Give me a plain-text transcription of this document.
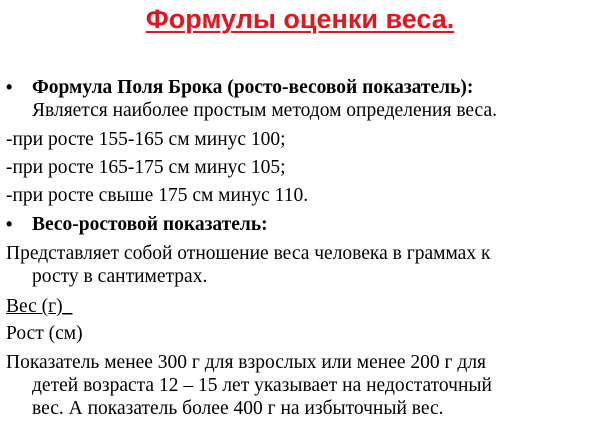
Формулы оценки веса.
• Формула Поля Брока (росто-весовой показатель):
Является наиболее простым методом определения веса.
-при росте 155-165 см минус 100;
-при росте 165-175 см минус 105;
-при росте свыше 175 см минус 110.
• Весо-ростовой показатель:
Представляет собой отношение веса человека в граммах к
росту в сантиметрах.
Вес (г)_
Рост (см)
Показатель менее 300 г для взрослых или менее 200 г для
детей возраста 12 – 15 лет указывает на недостаточный
вес. А показатель более 400 г на избыточный вес.
